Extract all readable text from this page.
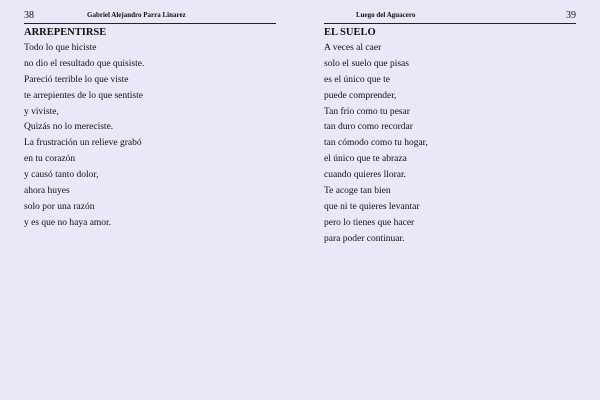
38	Gabriel Alejandro Parra Linarez
ARREPENTIRSE
Todo lo que hiciste
no dio el resultado que quisiste.
Pareció terrible lo que viste
te arrepientes de lo que sentiste
y viviste,
Quizás no lo mereciste.
La frustración un relieve grabó
en tu corazón
y causó tanto dolor,
ahora huyes
solo por una razón
y es que no haya amor.
Luego del Aguacero	39
EL SUELO
A veces al caer
solo el suelo que pisas
es el único que te
puede comprender,
Tan frio como tu pesar
tan duro como recordar
tan cómodo como tu hogar,
el único que te abraza
cuando quieres llorar.
Te acoge tan bien
que ni te quieres levantar
pero lo tienes que hacer
para poder continuar.
